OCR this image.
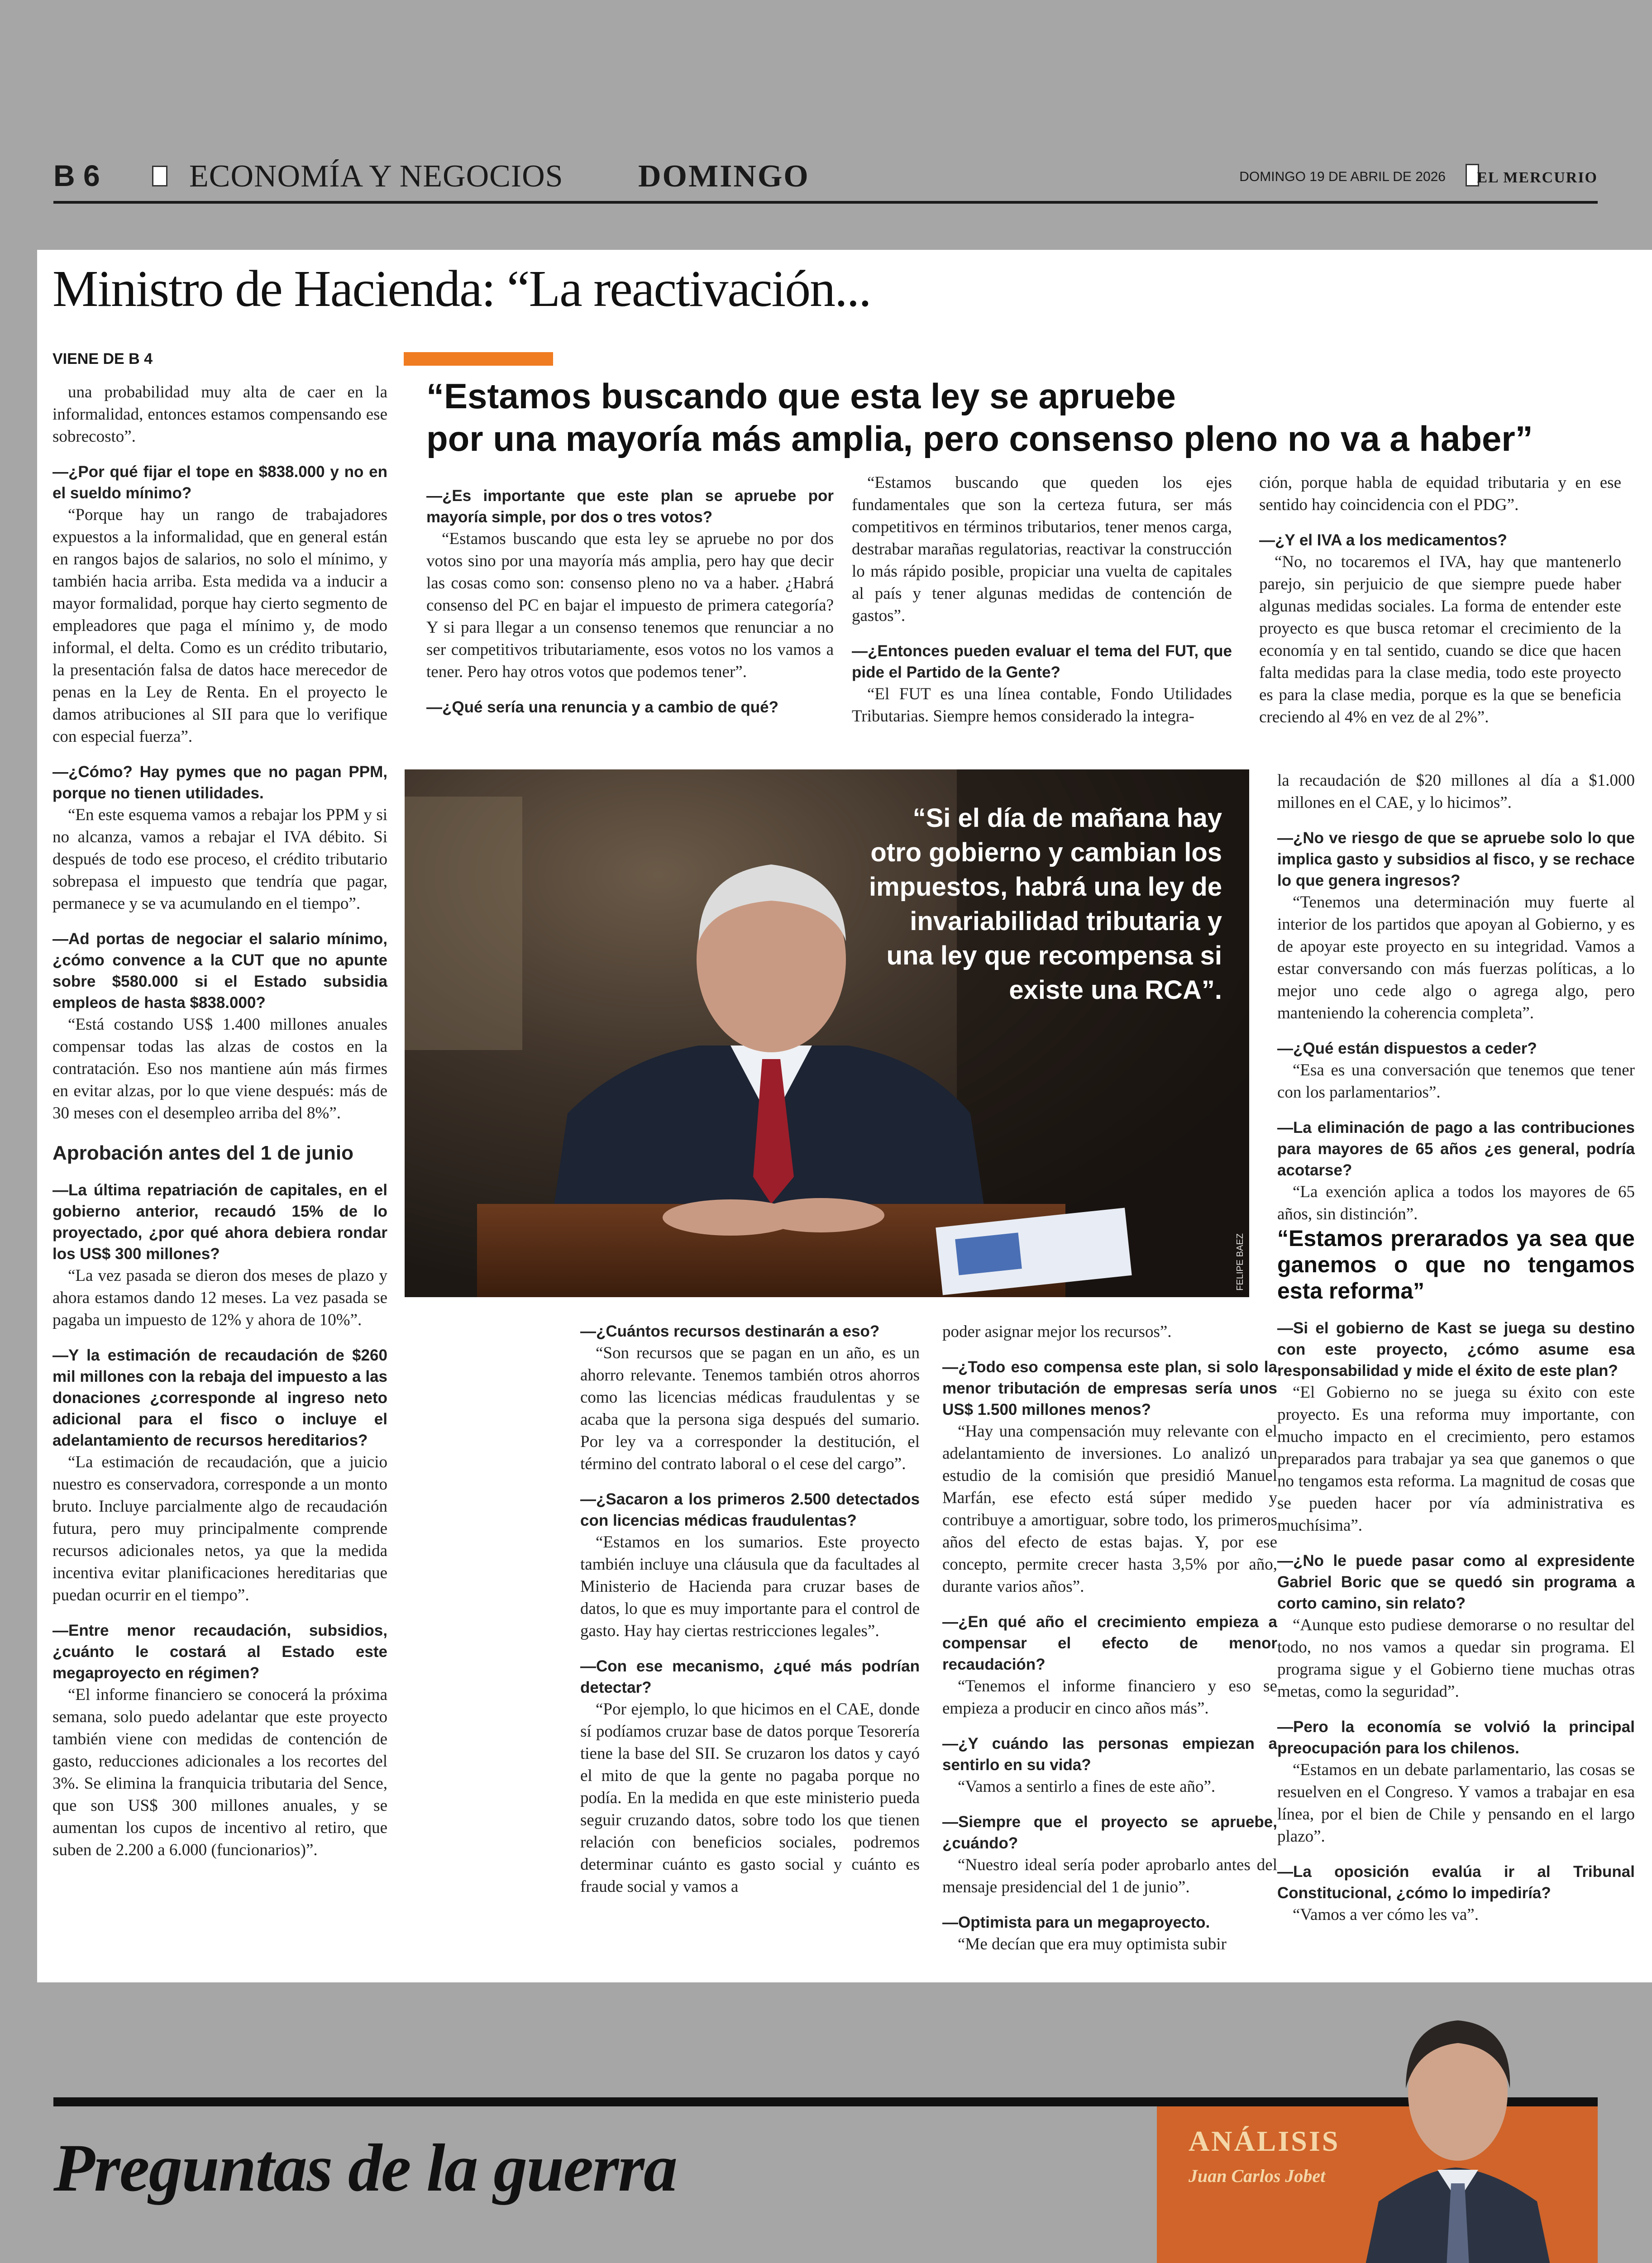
B 6	ECONOMÍA Y NEGOCIOS DOMINGO	DOMINGO 19 DE ABRIL DE 2026 EL MERCURIO
Ministro de Hacienda: “La reactivación...
VIENE DE B 4
“Estamos buscando que esta ley se apruebe
por una mayoría más amplia, pero consenso pleno no va a haber”

una probabilidad muy alta de caer en la informalidad, entonces estamos compensando ese sobrecosto”.

—¿Por qué fijar el tope en $838.000 y no en el sueldo mínimo?

“Porque hay un rango de trabajadores expuestos a la informalidad, que en general están en rangos bajos de salarios, no solo el mínimo, y también hacia arriba. Esta medida va a inducir a mayor formalidad, porque hay cierto segmento de empleadores que paga el mínimo y, de modo informal, el delta. Como es un crédito tributario, la presentación falsa de datos hace merecedor de penas en la Ley de Renta. En el proyecto le damos atribuciones al SII para que lo verifique con especial fuerza”.

—¿Cómo? Hay pymes que no pagan PPM, porque no tienen utilidades.

“En este esquema vamos a rebajar los PPM y si no alcanza, vamos a rebajar el IVA débito. Si después de todo ese proceso, el crédito tributario sobrepasa el impuesto que tendría que pagar, permanece y se va acumulando en el tiempo”.

—Ad portas de negociar el salario mínimo, ¿cómo convence a la CUT que no apunte sobre $580.000 si el Estado subsidia empleos de hasta $838.000?

“Está costando US$ 1.400 millones anuales compensar todas las alzas de costos en la contratación. Eso nos mantiene aún más firmes en evitar alzas, por lo que viene después: más de 30 meses con el desempleo arriba del 8%”.

Aprobación antes del 1 de junio

—La última repatriación de capitales, en el gobierno anterior, recaudó 15% de lo proyectado, ¿por qué ahora debiera rondar los US$ 300 millones?

“La vez pasada se dieron dos meses de plazo y ahora estamos dando 12 meses. La vez pasada se pagaba un impuesto de 12% y ahora de 10%”.

—Y la estimación de recaudación de $260 mil millones con la rebaja del impuesto a las donaciones ¿corresponde al ingreso neto adicional para el fisco o incluye el adelantamiento de recursos hereditarios?

“La estimación de recaudación, que a juicio nuestro es conservadora, corresponde a un monto bruto. Incluye parcialmente algo de recaudación futura, pero muy principalmente comprende recursos adicionales netos, ya que la medida incentiva evitar planificaciones hereditarias que puedan ocurrir en el tiempo”.

—Entre menor recaudación, subsidios, ¿cuánto le costará al Estado este megaproyecto en régimen?

“El informe financiero se conocerá la próxima semana, solo puedo adelantar que este proyecto también viene con medidas de contención de gasto, reducciones adicionales a los recortes del 3%. Se elimina la franquicia tributaria del Sence, que son US$ 300 millones anuales, y se aumentan los cupos de incentivo al retiro, que suben de 2.200 a 6.000 (funcionarios)”.

—¿Es importante que este plan se apruebe por mayoría simple, por dos o tres votos?

“Estamos buscando que esta ley se apruebe no por dos votos sino por una mayoría más amplia, pero hay que decir las cosas como son: consenso pleno no va a haber. ¿Habrá consenso del PC en bajar el impuesto de primera categoría? Y si para llegar a un consenso tenemos que renunciar a no ser competitivos tributariamente, esos votos no los vamos a tener. Pero hay otros votos que podemos tener”.

—¿Qué sería una renuncia y a cambio de qué?

“Estamos buscando que queden los ejes fundamentales que son la certeza futura, ser más competitivos en términos tributarios, tener menos carga, destrabar marañas regulatorias, reactivar la construcción lo más rápido posible, propiciar una vuelta de capitales al país y tener algunas medidas de contención de gastos”.

—¿Entonces pueden evaluar el tema del FUT, que pide el Partido de la Gente?

“El FUT es una línea contable, Fondo Utilidades Tributarias. Siempre hemos considerado la integra-

ción, porque habla de equidad tributaria y en ese sentido hay coincidencia con el PDG”.

—¿Y el IVA a los medicamentos?

“No, no tocaremos el IVA, hay que mantenerlo parejo, sin perjuicio de que siempre puede haber algunas medidas sociales. La forma de entender este proyecto es que busca retomar el crecimiento de la economía y en tal sentido, cuando se dice que hacen falta medidas para la clase media, todo este proyecto es para la clase media, porque es la que se beneficia creciendo al 4% en vez de al 2%”.

“Si el día de mañana hay otro gobierno y cambian los impuestos, habrá una ley de invariabilidad tributaria y una ley que recompensa si existe una RCA”.
FELIPE BAEZ

—¿Cuántos recursos destinarán a eso?

“Son recursos que se pagan en un año, es un ahorro relevante. Tenemos también otros ahorros como las licencias médicas fraudulentas y se acaba que la persona siga después del sumario. Por ley va a corresponder la destitución, el término del contrato laboral o el cese del cargo”.

—¿Sacaron a los primeros 2.500 detectados con licencias médicas fraudulentas?

“Estamos en los sumarios. Este proyecto también incluye una cláusula que da facultades al Ministerio de Hacienda para cruzar bases de datos, lo que es muy importante para el control de gasto. Hay hay ciertas restricciones legales”.

—Con ese mecanismo, ¿qué más podrían detectar?

“Por ejemplo, lo que hicimos en el CAE, donde sí podíamos cruzar base de datos porque Tesorería tiene la base del SII. Se cruzaron los datos y cayó el mito de que la gente no pagaba porque no podía. En la medida en que este ministerio pueda seguir cruzando datos, sobre todo los que tienen relación con beneficios sociales, podremos determinar cuánto es gasto social y cuánto es fraude social y vamos a

poder asignar mejor los recursos”.

—¿Todo eso compensa este plan, si solo la menor tributación de empresas sería unos US$ 1.500 millones menos?

“Hay una compensación muy relevante con el adelantamiento de inversiones. Lo analizó un estudio de la comisión que presidió Manuel Marfán, ese efecto está súper medido y contribuye a amortiguar, sobre todo, los primeros años del efecto de estas bajas. Y, por ese concepto, permite crecer hasta 3,5% por año, durante varios años”.

—¿En qué año el crecimiento empieza a compensar el efecto de menor recaudación?

“Tenemos el informe financiero y eso se empieza a producir en cinco años más”.

—¿Y cuándo las personas empiezan a sentirlo en su vida?

“Vamos a sentirlo a fines de este año”.

—Siempre que el proyecto se apruebe, ¿cuándo?

“Nuestro ideal sería poder aprobarlo antes del mensaje presidencial del 1 de junio”.

—Optimista para un megaproyecto.

“Me decían que era muy optimista subir

la recaudación de $20 millones al día a $1.000 millones en el CAE, y lo hicimos”.

—¿No ve riesgo de que se apruebe solo lo que implica gasto y subsidios al fisco, y se rechace lo que genera ingresos?

“Tenemos una determinación muy fuerte al interior de los partidos que apoyan al Gobierno, y es de apoyar este proyecto en su integridad. Vamos a estar conversando con más fuerzas políticas, a lo mejor uno cede algo o agrega algo, pero manteniendo la coherencia completa”.

—¿Qué están dispuestos a ceder?

“Esa es una conversación que tenemos que tener con los parlamentarios”.

—La eliminación de pago a las contribuciones para mayores de 65 años ¿es general, podría acotarse?

“La exención aplica a todos los mayores de 65 años, sin distinción”.

“Estamos prerarados ya sea que ganemos o que no tengamos esta reforma”

—Si el gobierno de Kast se juega su destino con este proyecto, ¿cómo asume esa responsabilidad y mide el éxito de este plan?

“El Gobierno no se juega su éxito con este proyecto. Es una reforma muy importante, con mucho impacto en el crecimiento, pero estamos preparados para trabajar ya sea que ganemos o que no tengamos esta reforma. La magnitud de cosas que se pueden hacer por vía administrativa es muchísima”.

—¿No le puede pasar como al expresidente Gabriel Boric que se quedó sin programa a corto camino, sin relato?

“Aunque esto pudiese demorarse o no resultar del todo, no nos vamos a quedar sin programa. El programa sigue y el Gobierno tiene muchas otras metas, como la seguridad”.

—Pero la economía se volvió la principal preocupación para los chilenos.

“Estamos en un debate parlamentario, las cosas se resuelven en el Congreso. Y vamos a trabajar en esa línea, por el bien de Chile y pensando en el largo plazo”.

—La oposición evalúa ir al Tribunal Constitucional, ¿cómo lo impediría?

“Vamos a ver cómo les va”.

Preguntas de la guerra	ANÁLISIS
Juan Carlos Jobet
